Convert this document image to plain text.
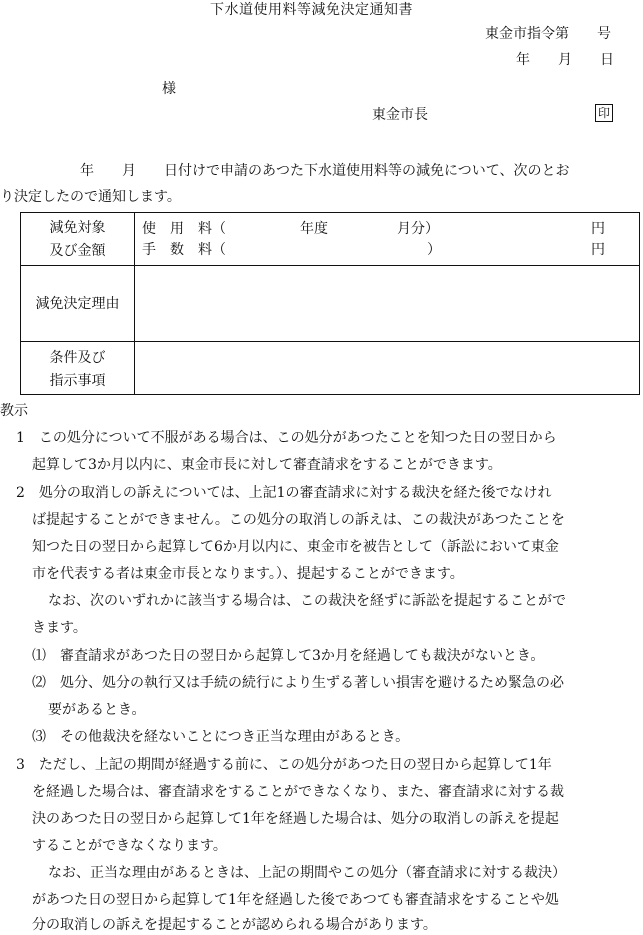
下水道使用料等減免決定通知書
東金市指令第　　号
年　　月　　日
様
東金市長	印
年　　月　　日付けで申請のあつた下水道使用料等の減免について、次のとお
り決定したので通知します。
減免対象
及び金額
使　用　料（	年度	月分）	円
手　数　料（	）	円
減免決定理由
条件及び
指示事項
教示
1　この処分について不服がある場合は、この処分があつたことを知つた日の翌日から
起算して3か月以内に、東金市長に対して審査請求をすることができます。
2　処分の取消しの訴えについては、上記1の審査請求に対する裁決を経た後でなけれ
ば提起することができません。この処分の取消しの訴えは、この裁決があつたことを
知つた日の翌日から起算して6か月以内に、東金市を被告として（訴訟において東金
市を代表する者は東金市長となります。）、提起することができます。
なお、次のいずれかに該当する場合は、この裁決を経ずに訴訟を提起することがで
きます。
⑴　審査請求があつた日の翌日から起算して3か月を経過しても裁決がないとき。
⑵　処分、処分の執行又は手続の続行により生ずる著しい損害を避けるため緊急の必
要があるとき。
⑶　その他裁決を経ないことにつき正当な理由があるとき。
3　ただし、上記の期間が経過する前に、この処分があつた日の翌日から起算して1年
を経過した場合は、審査請求をすることができなくなり、また、審査請求に対する裁
決のあつた日の翌日から起算して1年を経過した場合は、処分の取消しの訴えを提起
することができなくなります。
なお、正当な理由があるときは、上記の期間やこの処分（審査請求に対する裁決）
があつた日の翌日から起算して1年を経過した後であつても審査請求をすることや処
分の取消しの訴えを提起することが認められる場合があります。
